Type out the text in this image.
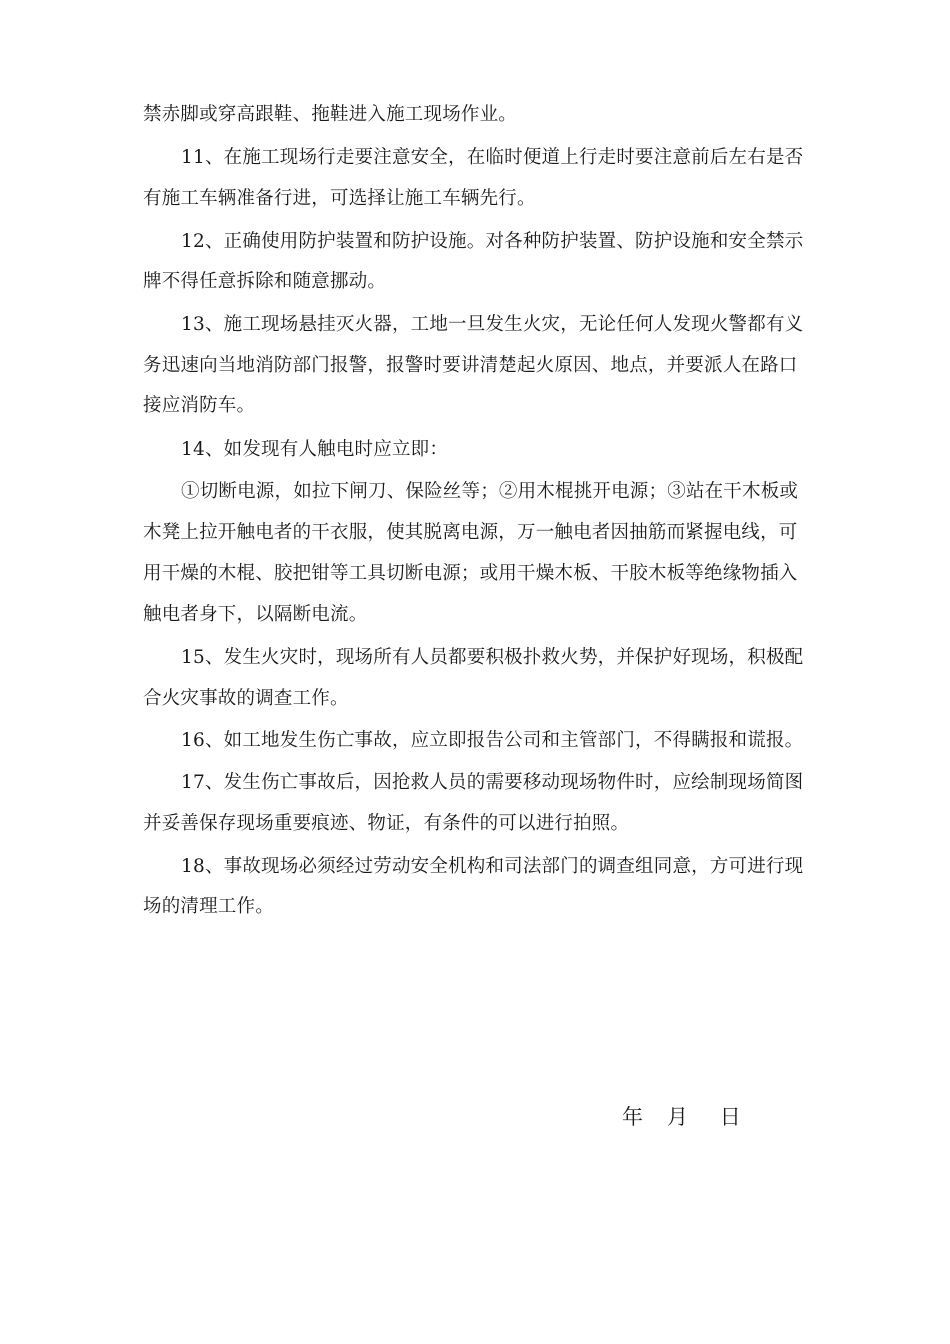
禁赤脚或穿高跟鞋、拖鞋进入施工现场作业。
11、在施工现场行走要注意安全，在临时便道上行走时要注意前后左右是否
有施工车辆准备行进，可选择让施工车辆先行。
12、正确使用防护装置和防护设施。对各种防护装置、防护设施和安全禁示
牌不得任意拆除和随意挪动。
13、施工现场悬挂灭火器，工地一旦发生火灾，无论任何人发现火警都有义
务迅速向当地消防部门报警，报警时要讲清楚起火原因、地点，并要派人在路口
接应消防车。
14、如发现有人触电时应立即：
①切断电源，如拉下闸刀、保险丝等；②用木棍挑开电源；③站在干木板或
木凳上拉开触电者的干衣服，使其脱离电源，万一触电者因抽筋而紧握电线，可
用干燥的木棍、胶把钳等工具切断电源；或用干燥木板、干胶木板等绝缘物插入
触电者身下，以隔断电流。
15、发生火灾时，现场所有人员都要积极扑救火势，并保护好现场，积极配
合火灾事故的调查工作。
16、如工地发生伤亡事故，应立即报告公司和主管部门，不得瞒报和谎报。
17、发生伤亡事故后，因抢救人员的需要移动现场物件时，应绘制现场简图
并妥善保存现场重要痕迹、物证，有条件的可以进行拍照。
18、事故现场必须经过劳动安全机构和司法部门的调查组同意，方可进行现
场的清理工作。
年   月    日
